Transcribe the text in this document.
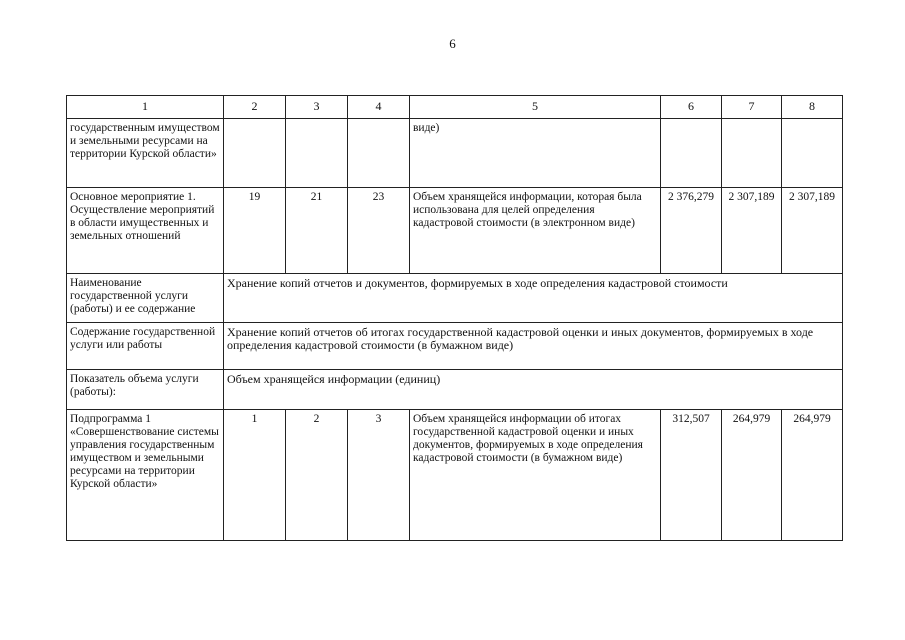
6
1	2	3	4	5	6	7	8
государственным имуществом и земельными ресурсами на территории Курской области»				виде)			
Основное мероприятие 1. Осуществление мероприятий в области имущественных и земельных отношений	19	21	23	Объем хранящейся информации, которая была использована для целей определения кадастровой стоимости (в электронном виде)	2 376,279	2 307,189	2 307,189
Наименование государственной услуги (работы) и ее содержание	Хранение копий отчетов и документов, формируемых в ходе определения кадастровой стоимости						
Содержание государственной услуги или работы	Хранение копий отчетов об итогах государственной кадастровой оценки и иных документов, формируемых в ходе определения кадастровой стоимости (в бумажном виде)						
Показатель объема услуги (работы):	Объем хранящейся информации (единиц)						
Подпрограмма 1 «Совершенствование системы управления государственным имуществом и земельными ресурсами на территории Курской области»	1	2	3	Объем хранящейся информации об итогах государственной кадастровой оценки и иных документов, формируемых в ходе определения кадастровой стоимости (в бумажном виде)	312,507	264,979	264,979
